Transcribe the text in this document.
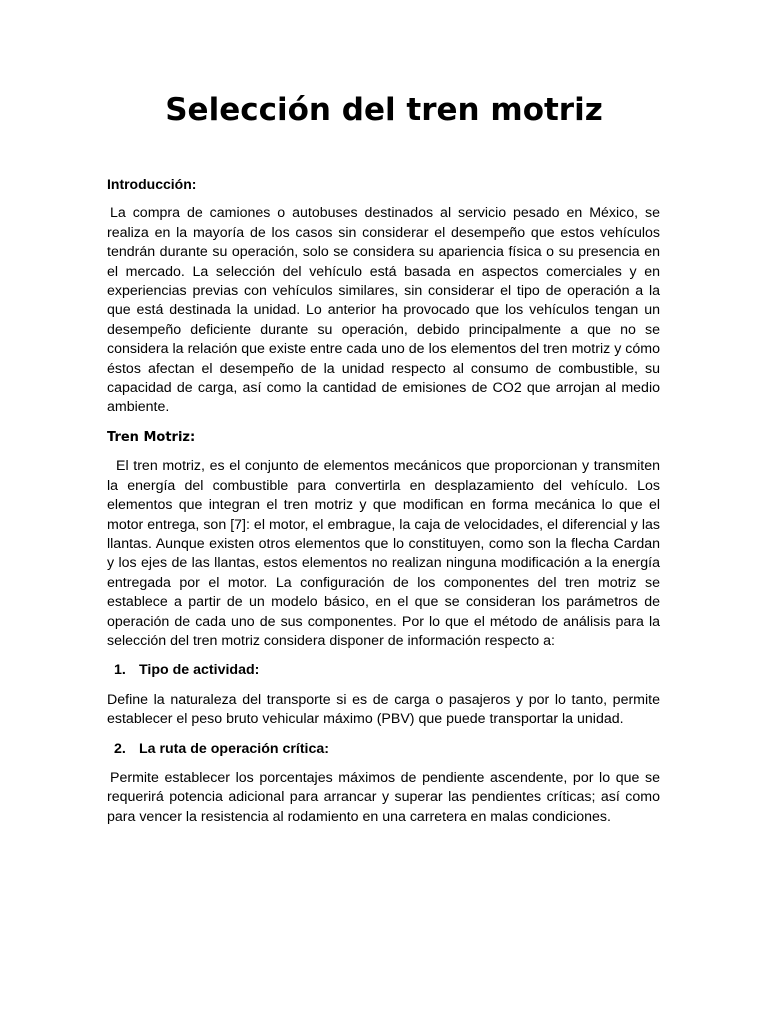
Selección del tren motriz

Introducción:

La compra de camiones o autobuses destinados al servicio pesado en México, se realiza en la mayoría de los casos sin considerar el desempeño que estos vehículos tendrán durante su operación, solo se considera su apariencia física o su presencia en el mercado. La selección del vehículo está basada en aspectos comerciales y en experiencias previas con vehículos similares, sin considerar el tipo de operación a la que está destinada la unidad. Lo anterior ha provocado que los vehículos tengan un desempeño deficiente durante su operación, debido principalmente a que no se considera la relación que existe entre cada uno de los elementos del tren motriz y cómo éstos afectan el desempeño de la unidad respecto al consumo de combustible, su capacidad de carga, así como la cantidad de emisiones de CO2 que arrojan al medio ambiente.

Tren Motriz:

El tren motriz, es el conjunto de elementos mecánicos que proporcionan y transmiten la energía del combustible para convertirla en desplazamiento del vehículo. Los elementos que integran el tren motriz y que modifican en forma mecánica lo que el motor entrega, son [7]: el motor, el embrague, la caja de velocidades, el diferencial y las llantas. Aunque existen otros elementos que lo constituyen, como son la flecha Cardan y los ejes de las llantas, estos elementos no realizan ninguna modificación a la energía entregada por el motor. La configuración de los componentes del tren motriz se establece a partir de un modelo básico, en el que se consideran los parámetros de operación de cada uno de sus componentes. Por lo que el método de análisis para la selección del tren motriz considera disponer de información respecto a:

1. Tipo de actividad:

Define la naturaleza del transporte si es de carga o pasajeros y por lo tanto, permite establecer el peso bruto vehicular máximo (PBV) que puede transportar la unidad.

2. La ruta de operación crítica:

Permite establecer los porcentajes máximos de pendiente ascendente, por lo que se requerirá potencia adicional para arrancar y superar las pendientes críticas; así como para vencer la resistencia al rodamiento en una carretera en malas condiciones.
